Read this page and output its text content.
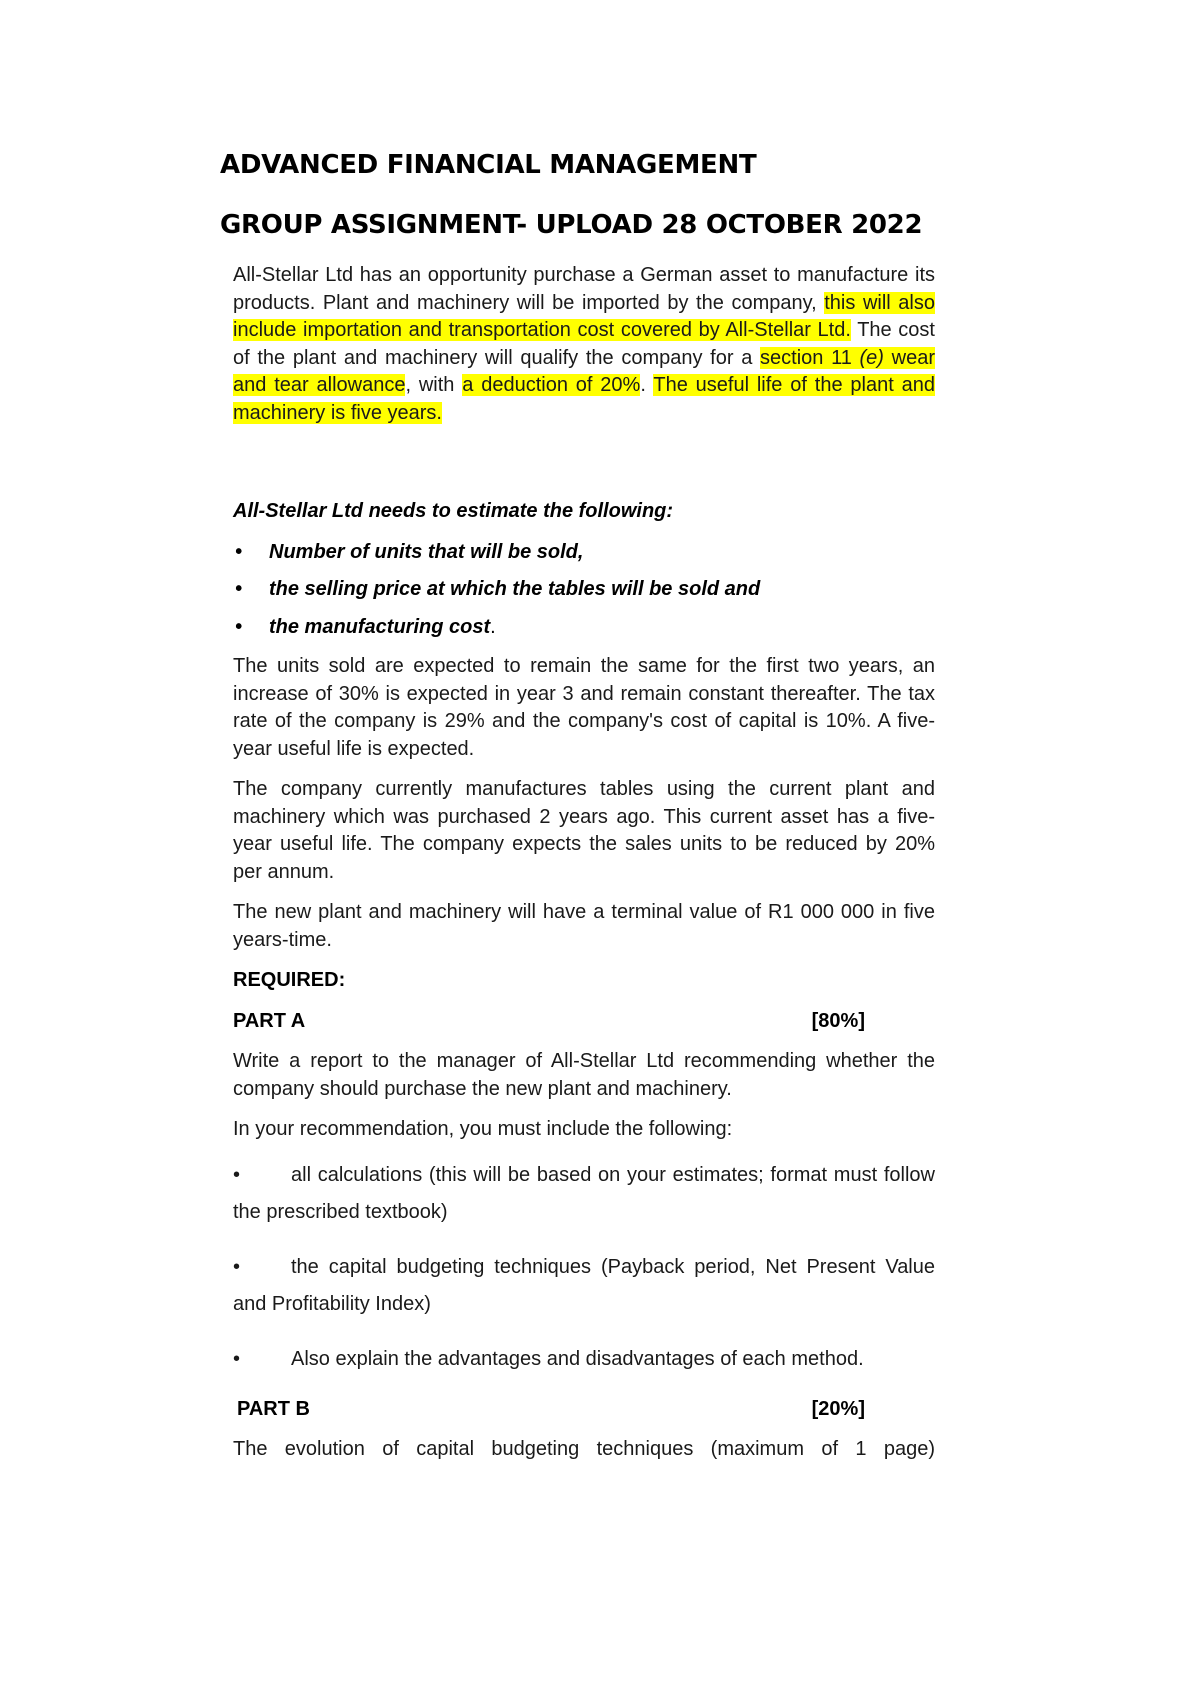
ADVANCED FINANCIAL MANAGEMENT
GROUP ASSIGNMENT- UPLOAD 28 OCTOBER 2022

All-Stellar Ltd has an opportunity purchase a German asset to manufacture its products. Plant and machinery will be imported by the company, this will also include importation and transportation cost covered by All-Stellar Ltd. The cost of the plant and machinery will qualify the company for a section 11 (e) wear and tear allowance, with a deduction of 20%. The useful life of the plant and machinery is five years.

All-Stellar Ltd needs to estimate the following:

• Number of units that will be sold,
• the selling price at which the tables will be sold and
• the manufacturing cost.

The units sold are expected to remain the same for the first two years, an increase of 30% is expected in year 3 and remain constant thereafter. The tax rate of the company is 29% and the company's cost of capital is 10%. A five-year useful life is expected.

The company currently manufactures tables using the current plant and machinery which was purchased 2 years ago. This current asset has a five-year useful life. The company expects the sales units to be reduced by 20% per annum.

The new plant and machinery will have a terminal value of R1 000 000 in five years-time.

REQUIRED:

PART A	[80%]

Write a report to the manager of All-Stellar Ltd recommending whether the company should purchase the new plant and machinery.

In your recommendation, you must include the following:

•	all calculations (this will be based on your estimates; format must follow the prescribed textbook)

•	the capital budgeting techniques (Payback period, Net Present Value and Profitability Index)

•	Also explain the advantages and disadvantages of each method.

PART B	[20%]

The evolution of capital budgeting techniques (maximum of 1 page)
